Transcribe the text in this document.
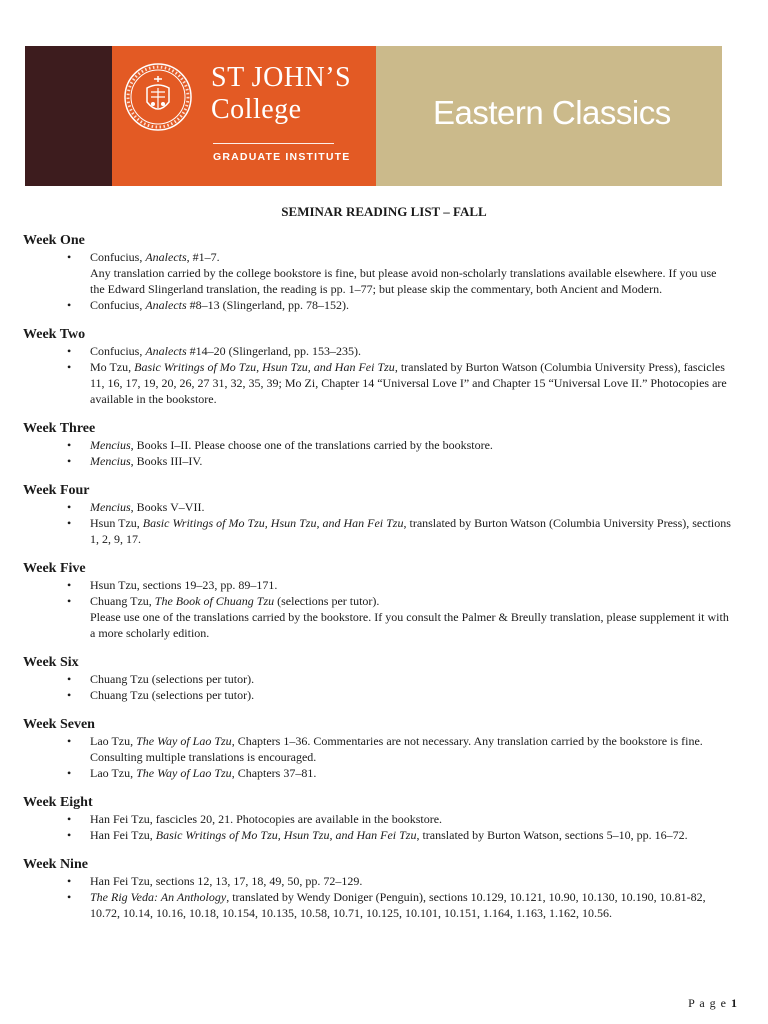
ST JOHN’S
College
GRADUATE INSTITUTE
Eastern Classics
SEMINAR READING LIST – FALL
Week One
• Confucius, Analects, #1–7.
Any translation carried by the college bookstore is fine, but please avoid non-scholarly translations available elsewhere. If you use the Edward Slingerland translation, the reading is pp. 1–77; but please skip the commentary, both Ancient and Modern.
• Confucius, Analects #8–13 (Slingerland, pp. 78–152).
Week Two
• Confucius, Analects #14–20 (Slingerland, pp. 153–235).
• Mo Tzu, Basic Writings of Mo Tzu, Hsun Tzu, and Han Fei Tzu, translated by Burton Watson (Columbia University Press), fascicles 11, 16, 17, 19, 20, 26, 27 31, 32, 35, 39; Mo Zi, Chapter 14 “Universal Love I” and Chapter 15 “Universal Love II.” Photocopies are available in the bookstore.
Week Three
• Mencius, Books I–II. Please choose one of the translations carried by the bookstore.
• Mencius, Books III–IV.
Week Four
• Mencius, Books V–VII.
• Hsun Tzu, Basic Writings of Mo Tzu, Hsun Tzu, and Han Fei Tzu, translated by Burton Watson (Columbia University Press), sections 1, 2, 9, 17.
Week Five
• Hsun Tzu, sections 19–23, pp. 89–171.
• Chuang Tzu, The Book of Chuang Tzu (selections per tutor).
Please use one of the translations carried by the bookstore. If you consult the Palmer & Breully translation, please supplement it with a more scholarly edition.
Week Six
• Chuang Tzu (selections per tutor).
• Chuang Tzu (selections per tutor).
Week Seven
• Lao Tzu, The Way of Lao Tzu, Chapters 1–36. Commentaries are not necessary. Any translation carried by the bookstore is fine. Consulting multiple translations is encouraged.
• Lao Tzu, The Way of Lao Tzu, Chapters 37–81.
Week Eight
• Han Fei Tzu, fascicles 20, 21. Photocopies are available in the bookstore.
• Han Fei Tzu, Basic Writings of Mo Tzu, Hsun Tzu, and Han Fei Tzu, translated by Burton Watson, sections 5–10, pp. 16–72.
Week Nine
• Han Fei Tzu, sections 12, 13, 17, 18, 49, 50, pp. 72–129.
• The Rig Veda: An Anthology, translated by Wendy Doniger (Penguin), sections 10.129, 10.121, 10.90, 10.130, 10.190, 10.81-82, 10.72, 10.14, 10.16, 10.18, 10.154, 10.135, 10.58, 10.71, 10.125, 10.101, 10.151, 1.164, 1.163, 1.162, 10.56.
P a g e 1
